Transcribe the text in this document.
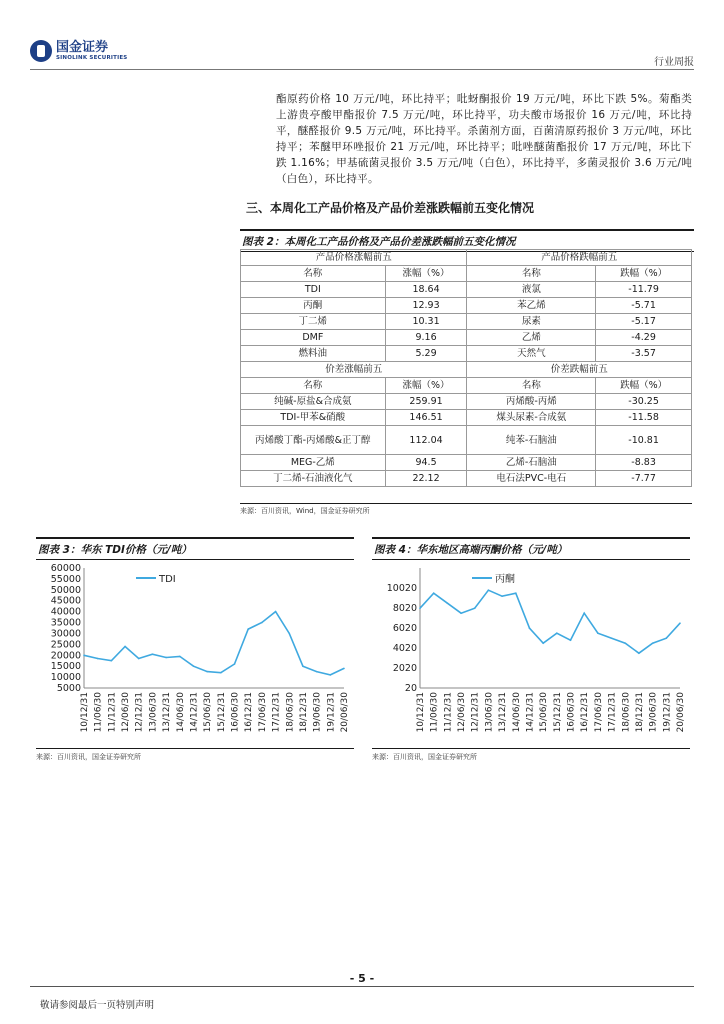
国金证券
SINOLINK SECURITIES	行业周报
酯原药价格 10 万元/吨，环比持平；吡蚜酮报价 19 万元/吨，环比下跌 5%。菊酯类上游贵亭酸甲酯报价 7.5 万元/吨，环比持平，功夫酸市场报价 16 万元/吨，环比持平，醚醛报价 9.5 万元/吨，环比持平。杀菌剂方面，百菌清原药报价 3 万元/吨，环比持平；苯醚甲环唑报价 21 万元/吨，环比持平；吡唑醚菌酯报价 17 万元/吨，环比下跌 1.16%；甲基硫菌灵报价 3.5 万元/吨（白色），环比持平，多菌灵报价 3.6 万元/吨（白色），环比持平。
三、本周化工产品价格及产品价差涨跌幅前五变化情况
图表 2：本周化工产品价格及产品价差涨跌幅前五变化情况
产品价格涨幅前五		产品价格跌幅前五	
名称	涨幅（%）	名称	跌幅（%）
TDI	18.64	液氯	-11.79
丙酮	12.93	苯乙烯	-5.71
丁二烯	10.31	尿素	-5.17
DMF	9.16	乙烯	-4.29
燃料油	5.29	天然气	-3.57
价差涨幅前五		价差跌幅前五	
名称	涨幅（%）	名称	跌幅（%）
纯碱-原盐&合成氨	259.91	丙烯酸-丙烯	-30.25
TDI-甲苯&硝酸	146.51	煤头尿素-合成氨	-11.58
丙烯酸丁酯-丙烯酸&正丁醇	112.04	纯苯-石脑油	-10.81
MEG-乙烯	94.5	乙烯-石脑油	-8.83
丁二烯-石油液化气	22.12	电石法PVC-电石	-7.77
来源：百川资讯，Wind，国金证券研究所
图表 3：华东 TDI价格（元/吨）
60000
55000
50000
45000
40000
35000
30000
25000
20000
15000
10000
5000
10/12/31 11/06/30 11/12/31 12/06/30 12/12/31 13/06/30 13/12/31 14/06/30 14/12/31 15/06/30 15/12/31 16/06/30 16/12/31 17/06/30 17/12/31 18/06/30 18/12/31 19/06/30 19/12/31 20/06/30
TDI
来源：百川资讯，国金证券研究所
图表 4：华东地区高端丙酮价格（元/吨）
10020
8020
6020
4020
2020
20
10/12/31 11/06/30 11/12/31 12/06/30 12/12/31 13/06/30 13/12/31 14/06/30 14/12/31 15/06/30 15/12/31 16/06/30 16/12/31 17/06/30 17/12/31 18/06/30 18/12/31 19/06/30 19/12/31 20/06/30
丙酮
来源：百川资讯，国金证券研究所
- 5 -
敬请参阅最后一页特别声明
